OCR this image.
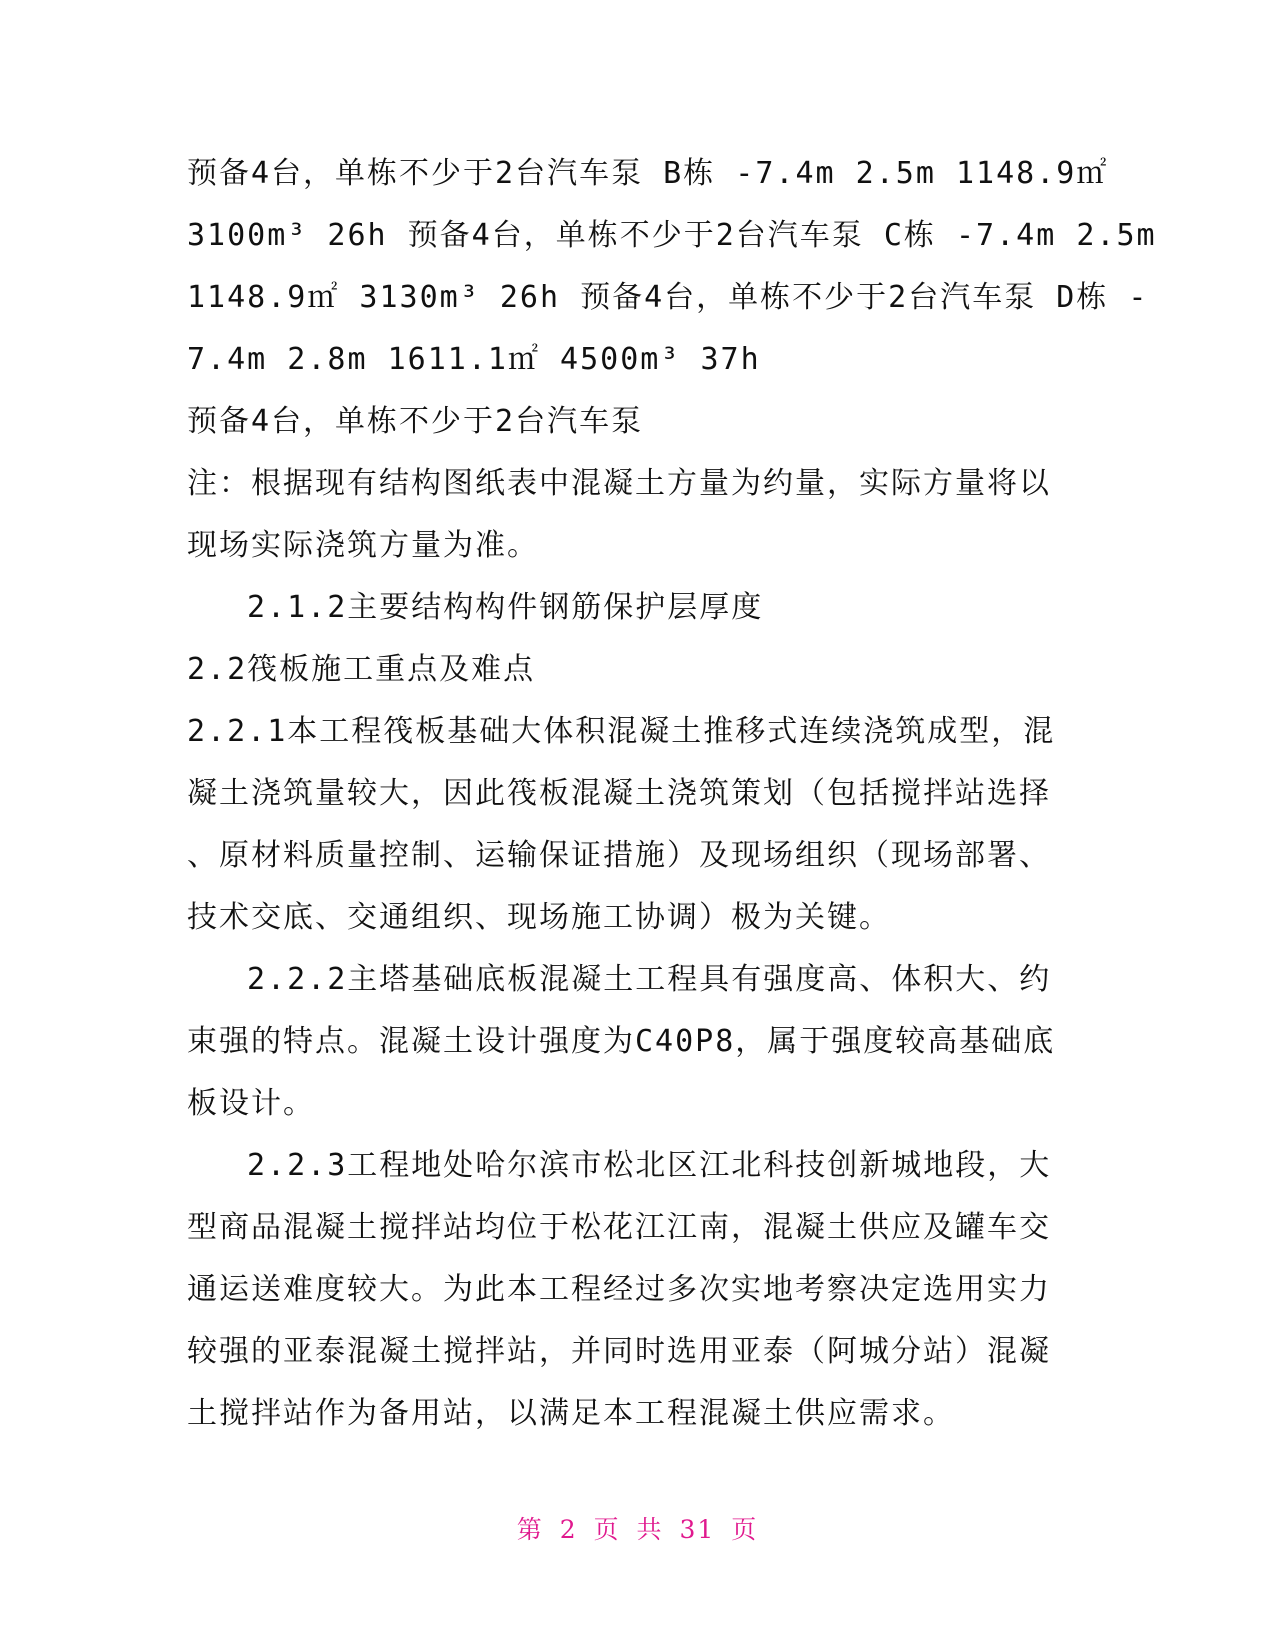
预备4台，单栋不少于2台汽车泵 B栋 -7.4m 2.5m 1148.9㎡
3100m³ 26h 预备4台，单栋不少于2台汽车泵 C栋 -7.4m 2.5m
1148.9㎡ 3130m³ 26h 预备4台，单栋不少于2台汽车泵 D栋 -
7.4m 2.8m 1611.1㎡ 4500m³ 37h
预备4台，单栋不少于2台汽车泵
注：根据现有结构图纸表中混凝土方量为约量，实际方量将以
现场实际浇筑方量为准。
2.1.2主要结构构件钢筋保护层厚度
2.2筏板施工重点及难点
2.2.1本工程筏板基础大体积混凝土推移式连续浇筑成型，混
凝土浇筑量较大，因此筏板混凝土浇筑策划（包括搅拌站选择
、原材料质量控制、运输保证措施）及现场组织（现场部署、
技术交底、交通组织、现场施工协调）极为关键。
2.2.2主塔基础底板混凝土工程具有强度高、体积大、约
束强的特点。混凝土设计强度为C40P8，属于强度较高基础底
板设计。
2.2.3工程地处哈尔滨市松北区江北科技创新城地段，大
型商品混凝土搅拌站均位于松花江江南，混凝土供应及罐车交
通运送难度较大。为此本工程经过多次实地考察决定选用实力
较强的亚泰混凝土搅拌站，并同时选用亚泰（阿城分站）混凝
土搅拌站作为备用站，以满足本工程混凝土供应需求。
第 2 页 共 31 页
